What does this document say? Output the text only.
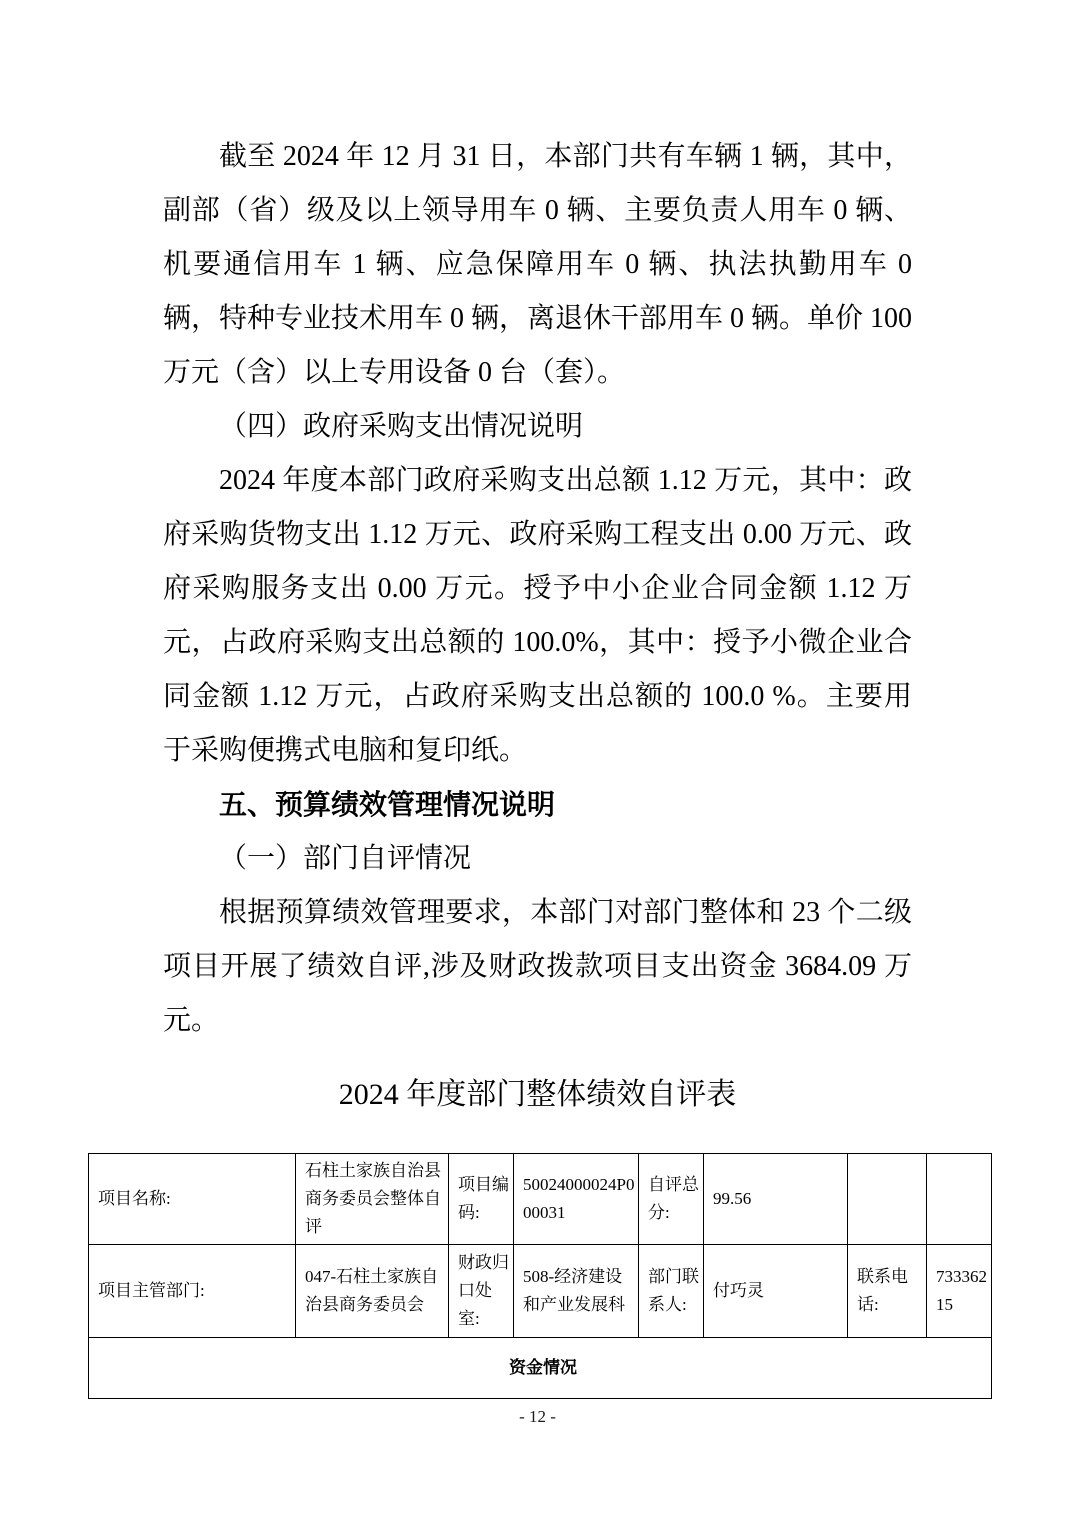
截至 2024 年 12 月 31 日，本部门共有车辆 1 辆，其中，副部（省）级及以上领导用车 0 辆、主要负责人用车 0 辆、机要通信用车 1 辆、应急保障用车 0 辆、执法执勤用车 0 辆，特种专业技术用车 0 辆，离退休干部用车 0 辆。单价 100 万元（含）以上专用设备 0 台（套）。

（四）政府采购支出情况说明

2024 年度本部门政府采购支出总额 1.12 万元，其中：政府采购货物支出 1.12 万元、政府采购工程支出 0.00 万元、政府采购服务支出 0.00 万元。授予中小企业合同金额 1.12 万元，占政府采购支出总额的 100.0%，其中：授予小微企业合同金额 1.12 万元，占政府采购支出总额的 100.0 %。主要用于采购便携式电脑和复印纸。

五、预算绩效管理情况说明

（一）部门自评情况

根据预算绩效管理要求，本部门对部门整体和 23 个二级项目开展了绩效自评,涉及财政拨款项目支出资金 3684.09 万元。

2024 年度部门整体绩效自评表
项目名称:	石柱土家族自治县商务委员会整体自评	项目编码:	50024000024P000031	自评总分:	99.56		
项目主管部门:	047-石柱土家族自治县商务委员会	财政归口处室:	508-经济建设和产业发展科	部门联系人:	付巧灵	联系电话:	73336215
资金情况							
- 12 -
